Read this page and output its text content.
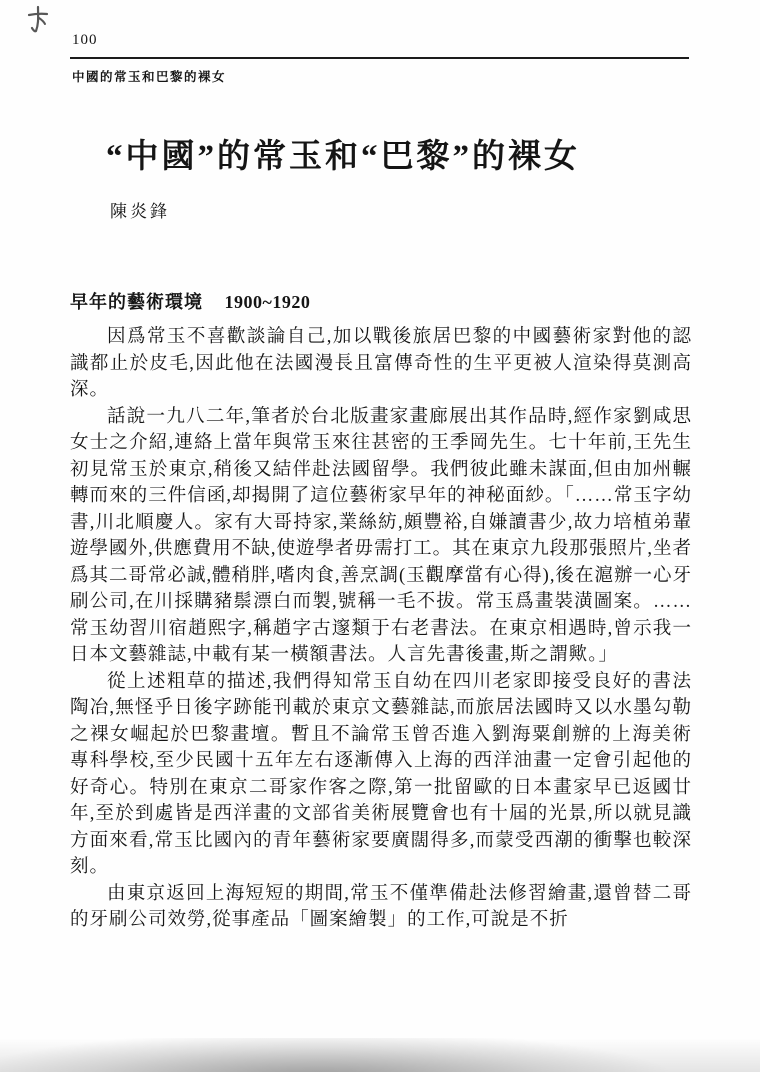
100
中國的常玉和巴黎的裸女
“中國”的常玉和“巴黎”的裸女
陳炎鋒
早年的藝術環境 1900~1920

因爲常玉不喜歡談論自己,加以戰後旅居巴黎的中國藝術家對他的認識都止於皮毛,因此他在法國漫長且富傳奇性的生平更被人渲染得莫測高深。

話說一九八二年,筆者於台北版畫家畫廊展出其作品時,經作家劉咸思女士之介紹,連絡上當年與常玉來往甚密的王季岡先生。七十年前,王先生初見常玉於東京,稍後又結伴赴法國留學。我們彼此雖未謀面,但由加州輾轉而來的三件信函,却揭開了這位藝術家早年的神秘面紗。「……常玉字幼書,川北順慶人。家有大哥持家,業絲紡,頗豐裕,自嫌讀書少,故力培植弟輩遊學國外,供應費用不缺,使遊學者毋需打工。其在東京九段那張照片,坐者爲其二哥常必誠,體稍胖,嗜肉食,善烹調(玉觀摩當有心得),後在滬辦一心牙刷公司,在川採購豬鬃漂白而製,號稱一毛不拔。常玉爲畫裝潢圖案。……常玉幼習川宿趙熙字,稱趙字古邃類于右老書法。在東京相遇時,曾示我一日本文藝雜誌,中載有某一橫額書法。人言先書後畫,斯之謂歟。」

從上述粗草的描述,我們得知常玉自幼在四川老家即接受良好的書法陶冶,無怪乎日後字跡能刊載於東京文藝雜誌,而旅居法國時又以水墨勾勒之裸女崛起於巴黎畫壇。暫且不論常玉曾否進入劉海粟創辦的上海美術專科學校,至少民國十五年左右逐漸傳入上海的西洋油畫一定會引起他的好奇心。特別在東京二哥家作客之際,第一批留歐的日本畫家早已返國廿年,至於到處皆是西洋畫的文部省美術展覽會也有十屆的光景,所以就見識方面來看,常玉比國內的青年藝術家要廣闊得多,而蒙受西潮的衝擊也較深刻。

由東京返回上海短短的期間,常玉不僅準備赴法修習繪畫,還曾替二哥的牙刷公司效勞,從事產品「圖案繪製」的工作,可說是不折
